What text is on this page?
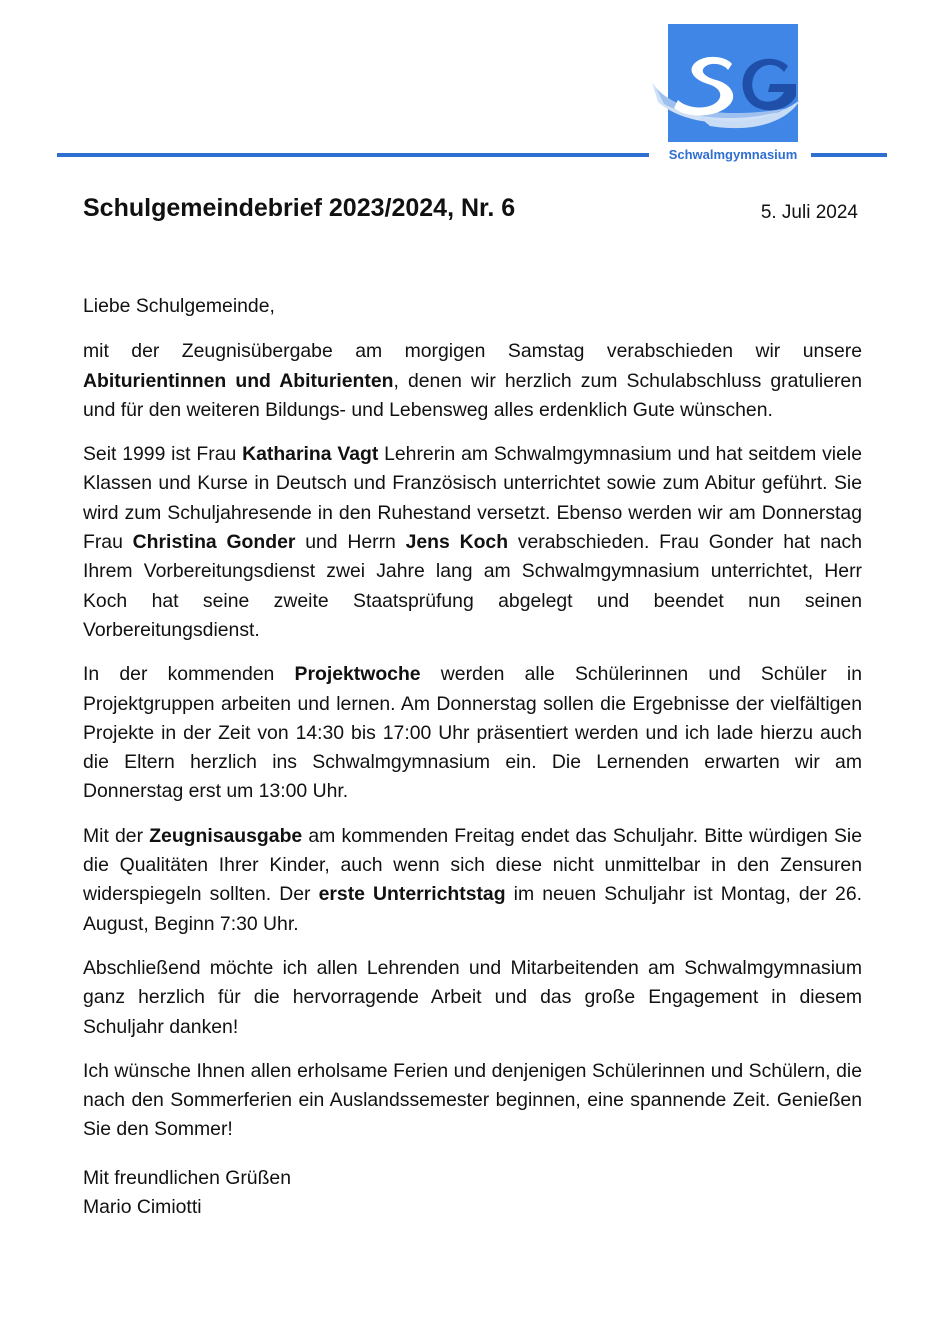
Schwalmgymnasium
Schulgemeindebrief 2023/2024, Nr. 6	5. Juli 2024

Liebe Schulgemeinde,

mit der Zeugnisübergabe am morgigen Samstag verabschieden wir unsere Abiturientinnen und Abiturienten, denen wir herzlich zum Schulabschluss gratulieren und für den weiteren Bildungs- und Lebensweg alles erdenklich Gute wünschen.

Seit 1999 ist Frau Katharina Vagt Lehrerin am Schwalmgymnasium und hat seitdem viele Klassen und Kurse in Deutsch und Französisch unterrichtet sowie zum Abitur geführt. Sie wird zum Schuljahresende in den Ruhestand versetzt. Ebenso werden wir am Donnerstag Frau Christina Gonder und Herrn Jens Koch verabschieden. Frau Gonder hat nach Ihrem Vorbereitungsdienst zwei Jahre lang am Schwalmgymnasium unterrichtet, Herr Koch hat seine zweite Staatsprüfung abgelegt und beendet nun seinen Vorbereitungsdienst.

In der kommenden Projektwoche werden alle Schülerinnen und Schüler in Projektgruppen arbeiten und lernen. Am Donnerstag sollen die Ergebnisse der vielfältigen Projekte in der Zeit von 14:30 bis 17:00 Uhr präsentiert werden und ich lade hierzu auch die Eltern herzlich ins Schwalmgymnasium ein. Die Lernenden erwarten wir am Donnerstag erst um 13:00 Uhr.

Mit der Zeugnisausgabe am kommenden Freitag endet das Schuljahr. Bitte würdigen Sie die Qualitäten Ihrer Kinder, auch wenn sich diese nicht unmittelbar in den Zensuren widerspiegeln sollten. Der erste Unterrichtstag im neuen Schuljahr ist Montag, der 26. August, Beginn 7:30 Uhr.

Abschließend möchte ich allen Lehrenden und Mitarbeitenden am Schwalmgymnasium ganz herzlich für die hervorragende Arbeit und das große Engagement in diesem Schuljahr danken!

Ich wünsche Ihnen allen erholsame Ferien und denjenigen Schülerinnen und Schülern, die nach den Sommerferien ein Auslandssemester beginnen, eine spannende Zeit. Genießen Sie den Sommer!

Mit freundlichen Grüßen
Mario Cimiotti
